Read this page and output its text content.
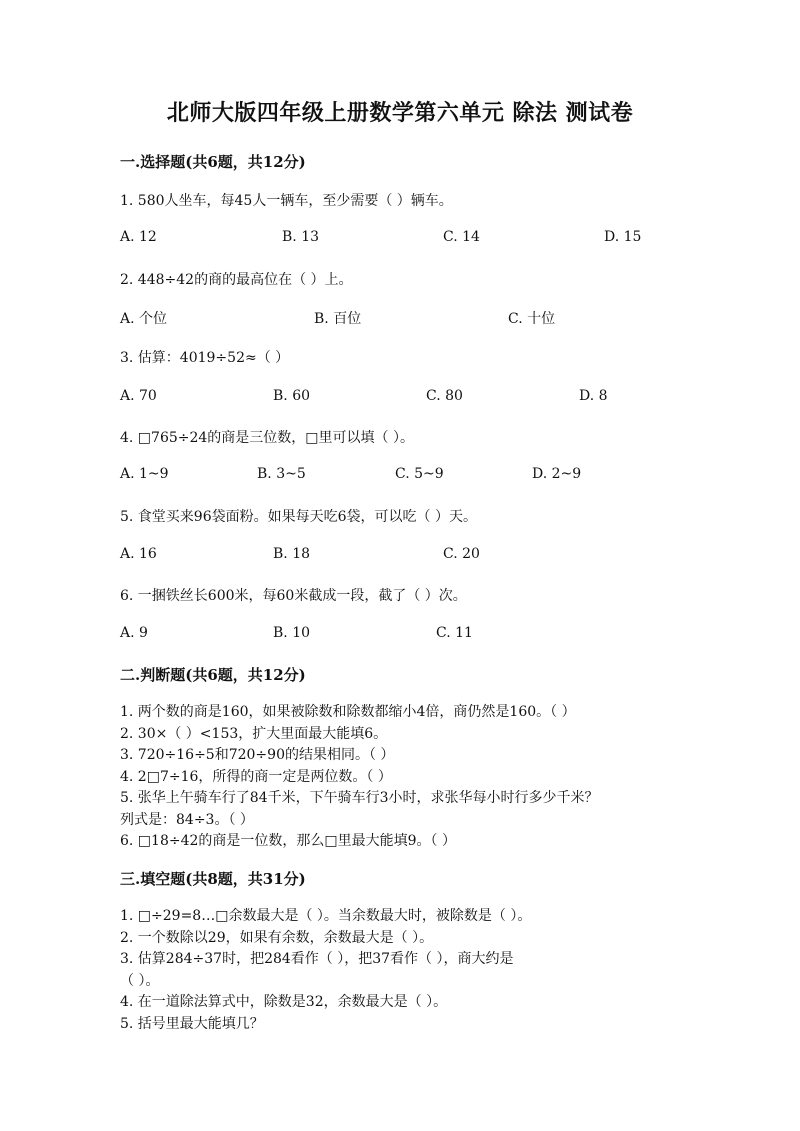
北师大版四年级上册数学第六单元 除法 测试卷
一.选择题(共6题，共12分)
1. 580人坐车，每45人一辆车，至少需要（ ）辆车。
A. 12	B. 13	C. 14	D. 15
2. 448÷42的商的最高位在（ ）上。
A. 个位	B. 百位	C. 十位
3. 估算：4019÷52≈（ ）
A. 70	B. 60	C. 80	D. 8
4. □765÷24的商是三位数，□里可以填（ ）。
A. 1~9	B. 3~5	C. 5~9	D. 2~9
5. 食堂买来96袋面粉。如果每天吃6袋，可以吃（ ）天。
A. 16	B. 18	C. 20
6. 一捆铁丝长600米，每60米截成一段，截了（ ）次。
A. 9	B. 10	C. 11
二.判断题(共6题，共12分)
1. 两个数的商是160，如果被除数和除数都缩小4倍，商仍然是160。（ ）
2. 30×（ ）<153，扩大里面最大能填6。
3. 720÷16÷5和720÷90的结果相同。（ ）
4. 2□7÷16，所得的商一定是两位数。（ ）
5. 张华上午骑车行了84千米，下午骑车行3小时，求张华每小时行多少千米？
列式是：84÷3。（ ）
6. □18÷42的商是一位数，那么□里最大能填9。（ ）
三.填空题(共8题，共31分)
1. □÷29=8…□余数最大是（ ）。当余数最大时，被除数是（ ）。
2. 一个数除以29，如果有余数，余数最大是（ ）。
3. 估算284÷37时，把284看作（ ），把37看作（ ），商大约是
（ ）。
4. 在一道除法算式中，除数是32，余数最大是（ ）。
5. 括号里最大能填几？
